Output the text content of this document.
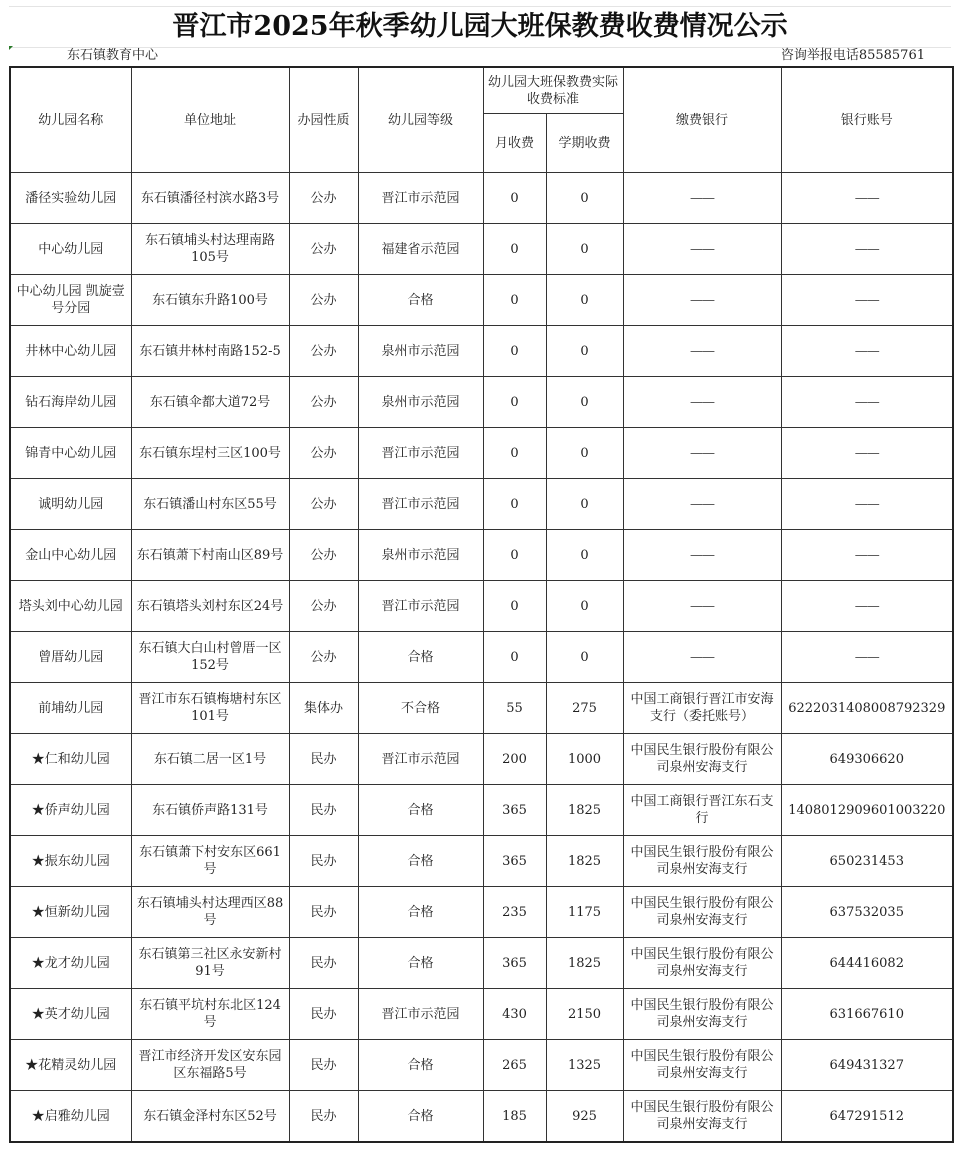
晋江市2025年秋季幼儿园大班保教费收费情况公示
东石镇教育中心	咨询举报电话85585761
幼儿园名称	单位地址	办园性质	幼儿园等级	幼儿园大班保教费实际收费标准		缴费银行	银行账号
				月收费	学期收费		
潘径实验幼儿园	东石镇潘径村滨水路3号	公办	晋江市示范园	0	0	——	——
中心幼儿园	东石镇埔头村达理南路105号	公办	福建省示范园	0	0	——	——
中心幼儿园 凯旋壹号分园	东石镇东升路100号	公办	合格	0	0	——	——
井林中心幼儿园	东石镇井林村南路152-5	公办	泉州市示范园	0	0	——	——
钻石海岸幼儿园	东石镇伞都大道72号	公办	泉州市示范园	0	0	——	——
锦青中心幼儿园	东石镇东埕村三区100号	公办	晋江市示范园	0	0	——	——
诚明幼儿园	东石镇潘山村东区55号	公办	晋江市示范园	0	0	——	——
金山中心幼儿园	东石镇萧下村南山区89号	公办	泉州市示范园	0	0	——	——
塔头刘中心幼儿园	东石镇塔头刘村东区24号	公办	晋江市示范园	0	0	——	——
曾厝幼儿园	东石镇大白山村曾厝一区152号	公办	合格	0	0	——	——
前埔幼儿园	晋江市东石镇梅塘村东区101号	集体办	不合格	55	275	中国工商银行晋江市安海支行（委托账号）	6222031408008792329
★仁和幼儿园	东石镇二居一区1号	民办	晋江市示范园	200	1000	中国民生银行股份有限公司泉州安海支行	649306620
★侨声幼儿园	东石镇侨声路131号	民办	合格	365	1825	中国工商银行晋江东石支行	1408012909601003220
★振东幼儿园	东石镇萧下村安东区661号	民办	合格	365	1825	中国民生银行股份有限公司泉州安海支行	650231453
★恒新幼儿园	东石镇埔头村达理西区88号	民办	合格	235	1175	中国民生银行股份有限公司泉州安海支行	637532035
★龙才幼儿园	东石镇第三社区永安新村91号	民办	合格	365	1825	中国民生银行股份有限公司泉州安海支行	644416082
★英才幼儿园	东石镇平坑村东北区124号	民办	晋江市示范园	430	2150	中国民生银行股份有限公司泉州安海支行	631667610
★花精灵幼儿园	晋江市经济开发区安东园区东福路5号	民办	合格	265	1325	中国民生银行股份有限公司泉州安海支行	649431327
★启雅幼儿园	东石镇金泽村东区52号	民办	合格	185	925	中国民生银行股份有限公司泉州安海支行	647291512
